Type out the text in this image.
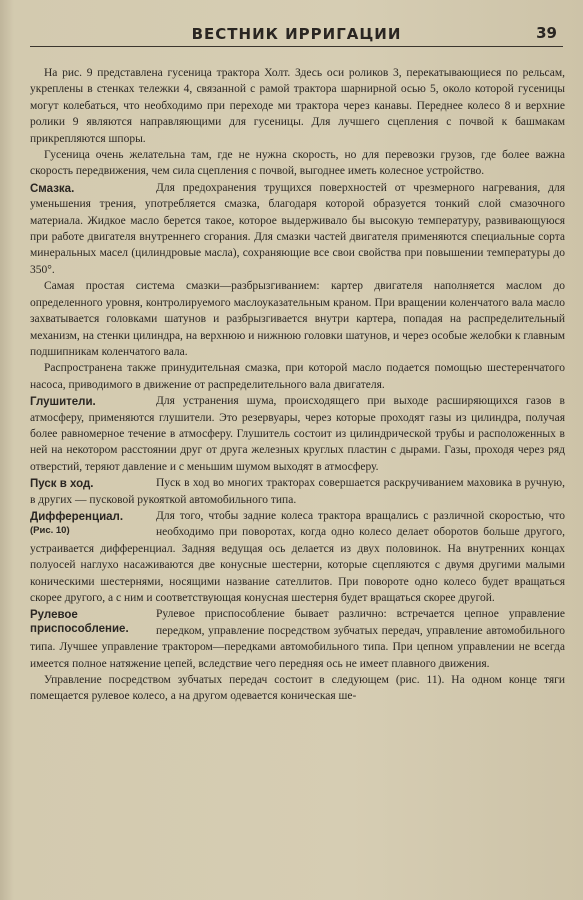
ВЕСТНИК ИРРИГАЦИИ	39

На рис. 9 представлена гусеница трактора Холт. Здесь оси роликов 3, перекатывающиеся по рельсам, укреплены в стенках тележки 4, связанной с рамой трактора шарнирной осью 5, около которой гусеницы могут колебаться, что необходимо при переходе ми трактора через канавы. Переднее колесо 8 и верхние ролики 9 являются направляющими для гусеницы. Для лучшего сцепления с почвой к башмакам прикрепляются шпоры.

Гусеница очень желательна там, где не нужна скорость, но для перевозки грузов, где более важна скорость передвижения, чем сила сцепления с почвой, выгоднее иметь колесное устройство.

Смазка.	Для предохранения трущихся поверхностей от чрезмерного нагревания, для уменьшения трения, употребляется смазка, благодаря которой образуется тонкий слой смазочного материала. Жидкое масло берется такое, которое выдерживало бы высокую температуру, развивающуюся при работе двигателя внутреннего сгорания. Для смазки частей двигателя применяются специальные сорта минеральных масел (цилиндровые масла), сохраняющие все свои свойства при повышении температуры до 350°.

Самая простая система смазки—разбрызгиванием: картер двигателя наполняется маслом до определенного уровня, контролируемого маслоуказательным краном. При вращении коленчатого вала масло захватывается головками шатунов и разбрызгивается внутри картера, попадая на распределительный механизм, на стенки цилиндра, на верхнюю и нижнюю головки шатунов, и через особые желобки к главным подшипникам коленчатого вала.

Распространена также принудительная смазка, при которой масло подается помощью шестеренчатого насоса, приводимого в движение от распределительного вала двигателя.

Глушители.	Для устранения шума, происходящего при выходе расширяющихся газов в атмосферу, применяются глушители. Это резервуары, через которые проходят газы из цилиндра, получая более равномерное течение в атмосферу. Глушитель состоит из цилиндрической трубы и расположенных в ней на некотором расстоянии друг от друга железных круглых пластин с дырами. Газы, проходя через ряд отверстий, теряют давление и с меньшим шумом выходят в атмосферу.

Пуск в ход.	Пуск в ход во многих тракторах совершается раскручиванием маховика в ручную, в других — пусковой рукояткой автомобильного типа.

Дифференциал.
(Рис. 10)

Для того, чтобы задние колеса трактора вращались с различной скоростью, что необходимо при поворотах, когда одно колесо делает оборотов больше другого, устраивается дифференциал. Задняя ведущая ось делается из двух половинок. На внутренних концах полуосей наглухо насаживаются две конусные шестерни, которые сцепляются с двумя другими малыми коническими шестернями, носящими название сателлитов. При повороте одно колесо будет вращаться скорее другого, а с ним и соответствующая конусная шестерня будет вращаться скорее другой.

Рулевое приспособление.

Рулевое приспособление бывает различно: встречается цепное управление передком, управление посредством зубчатых передач, управление автомобильного типа. Лучшее управление трактором—передками автомобильного типа. При цепном управлении не всегда имеется полное натяжение цепей, вследствие чего передняя ось не имеет плавного движения.

Управление посредством зубчатых передач состоит в следующем (рис. 11). На одном конце тяги помещается рулевое колесо, а на другом одевается коническая ше-
